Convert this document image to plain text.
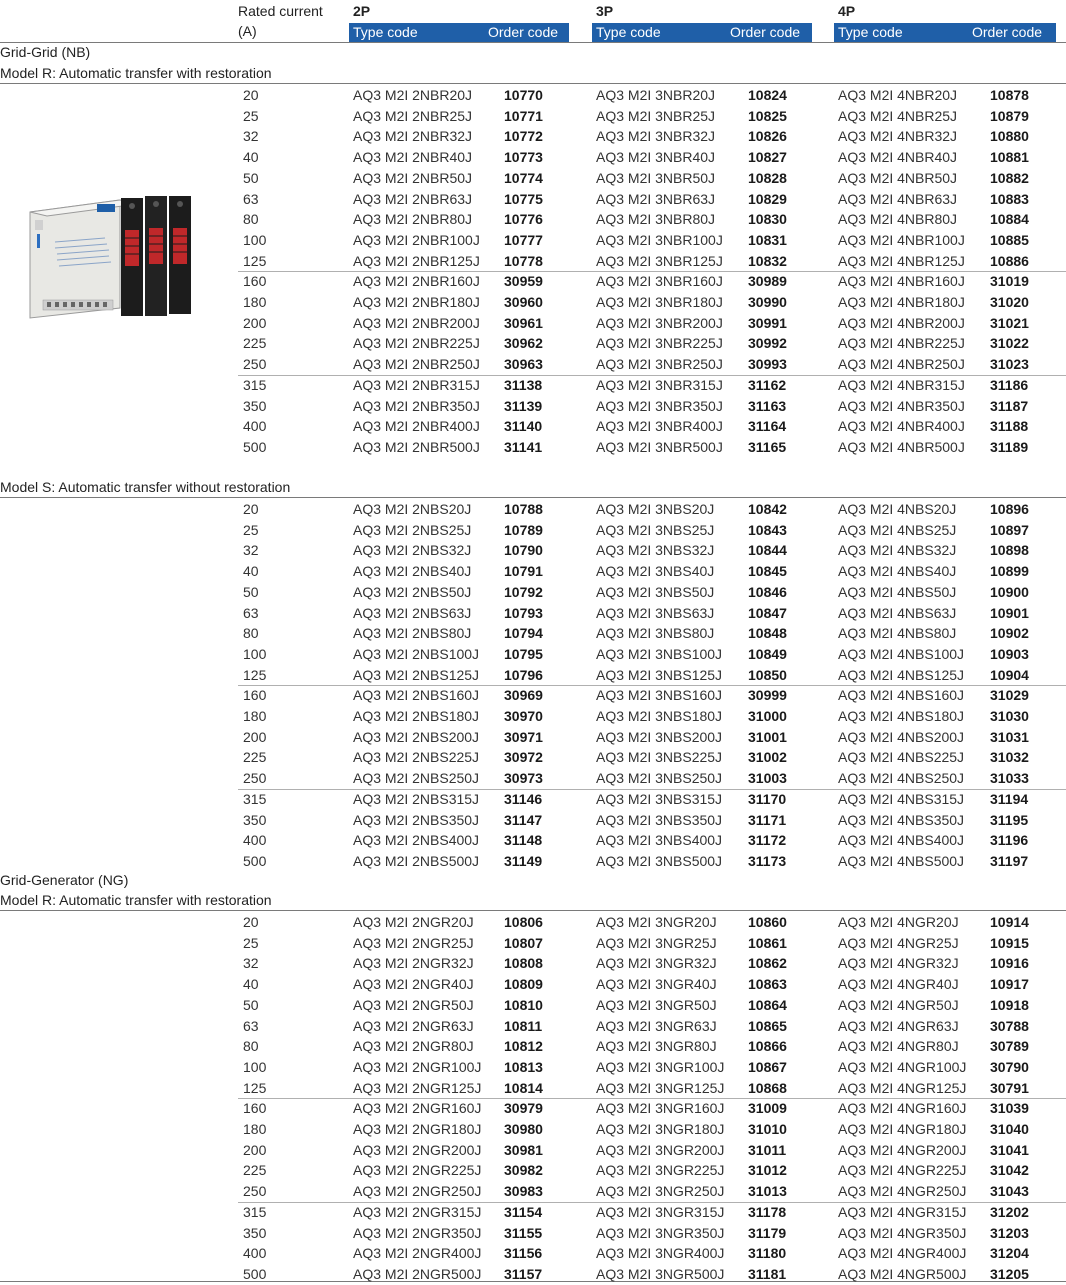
Rated current
(A)
2P	3P	4P
Type code	Order code	Type code	Order code	Type code	Order code
Grid-Grid (NB)
Model R: Automatic transfer with restoration
Model S: Automatic transfer without restoration
Grid-Generator (NG)
Model R: Automatic transfer with restoration
20	AQ3 M2I 2NBR20J 10770	AQ3 M2I 3NBR20J 10824	AQ3 M2I 4NBR20J 10878
25	AQ3 M2I 2NBR25J 10771	AQ3 M2I 3NBR25J 10825	AQ3 M2I 4NBR25J 10879
32	AQ3 M2I 2NBR32J 10772	AQ3 M2I 3NBR32J 10826	AQ3 M2I 4NBR32J 10880
40	AQ3 M2I 2NBR40J 10773	AQ3 M2I 3NBR40J 10827	AQ3 M2I 4NBR40J 10881
50	AQ3 M2I 2NBR50J 10774	AQ3 M2I 3NBR50J 10828	AQ3 M2I 4NBR50J 10882
63	AQ3 M2I 2NBR63J 10775	AQ3 M2I 3NBR63J 10829	AQ3 M2I 4NBR63J 10883
80	AQ3 M2I 2NBR80J 10776	AQ3 M2I 3NBR80J 10830	AQ3 M2I 4NBR80J 10884
100	AQ3 M2I 2NBR100J 10777	AQ3 M2I 3NBR100J 10831	AQ3 M2I 4NBR100J 10885
125	AQ3 M2I 2NBR125J 10778	AQ3 M2I 3NBR125J 10832	AQ3 M2I 4NBR125J 10886
160	AQ3 M2I 2NBR160J 30959	AQ3 M2I 3NBR160J 30989	AQ3 M2I 4NBR160J 31019
180	AQ3 M2I 2NBR180J 30960	AQ3 M2I 3NBR180J 30990	AQ3 M2I 4NBR180J 31020
200	AQ3 M2I 2NBR200J 30961	AQ3 M2I 3NBR200J 30991	AQ3 M2I 4NBR200J 31021
225	AQ3 M2I 2NBR225J 30962	AQ3 M2I 3NBR225J 30992	AQ3 M2I 4NBR225J 31022
250	AQ3 M2I 2NBR250J 30963	AQ3 M2I 3NBR250J 30993	AQ3 M2I 4NBR250J 31023
315	AQ3 M2I 2NBR315J 31138	AQ3 M2I 3NBR315J 31162	AQ3 M2I 4NBR315J 31186
350	AQ3 M2I 2NBR350J 31139	AQ3 M2I 3NBR350J 31163	AQ3 M2I 4NBR350J 31187
400	AQ3 M2I 2NBR400J 31140	AQ3 M2I 3NBR400J 31164	AQ3 M2I 4NBR400J 31188
500	AQ3 M2I 2NBR500J 31141	AQ3 M2I 3NBR500J 31165	AQ3 M2I 4NBR500J 31189
20	AQ3 M2I 2NBS20J 10788	AQ3 M2I 3NBS20J 10842	AQ3 M2I 4NBS20J 10896
25	AQ3 M2I 2NBS25J 10789	AQ3 M2I 3NBS25J 10843	AQ3 M2I 4NBS25J 10897
32	AQ3 M2I 2NBS32J 10790	AQ3 M2I 3NBS32J 10844	AQ3 M2I 4NBS32J 10898
40	AQ3 M2I 2NBS40J 10791	AQ3 M2I 3NBS40J 10845	AQ3 M2I 4NBS40J 10899
50	AQ3 M2I 2NBS50J 10792	AQ3 M2I 3NBS50J 10846	AQ3 M2I 4NBS50J 10900
63	AQ3 M2I 2NBS63J 10793	AQ3 M2I 3NBS63J 10847	AQ3 M2I 4NBS63J 10901
80	AQ3 M2I 2NBS80J 10794	AQ3 M2I 3NBS80J 10848	AQ3 M2I 4NBS80J 10902
100	AQ3 M2I 2NBS100J 10795	AQ3 M2I 3NBS100J 10849	AQ3 M2I 4NBS100J 10903
125	AQ3 M2I 2NBS125J 10796	AQ3 M2I 3NBS125J 10850	AQ3 M2I 4NBS125J 10904
160	AQ3 M2I 2NBS160J 30969	AQ3 M2I 3NBS160J 30999	AQ3 M2I 4NBS160J 31029
180	AQ3 M2I 2NBS180J 30970	AQ3 M2I 3NBS180J 31000	AQ3 M2I 4NBS180J 31030
200	AQ3 M2I 2NBS200J 30971	AQ3 M2I 3NBS200J 31001	AQ3 M2I 4NBS200J 31031
225	AQ3 M2I 2NBS225J 30972	AQ3 M2I 3NBS225J 31002	AQ3 M2I 4NBS225J 31032
250	AQ3 M2I 2NBS250J 30973	AQ3 M2I 3NBS250J 31003	AQ3 M2I 4NBS250J 31033
315	AQ3 M2I 2NBS315J 31146	AQ3 M2I 3NBS315J 31170	AQ3 M2I 4NBS315J 31194
350	AQ3 M2I 2NBS350J 31147	AQ3 M2I 3NBS350J 31171	AQ3 M2I 4NBS350J 31195
400	AQ3 M2I 2NBS400J 31148	AQ3 M2I 3NBS400J 31172	AQ3 M2I 4NBS400J 31196
500	AQ3 M2I 2NBS500J 31149	AQ3 M2I 3NBS500J 31173	AQ3 M2I 4NBS500J 31197
20	AQ3 M2I 2NGR20J 10806	AQ3 M2I 3NGR20J 10860	AQ3 M2I 4NGR20J 10914
25	AQ3 M2I 2NGR25J 10807	AQ3 M2I 3NGR25J 10861	AQ3 M2I 4NGR25J 10915
32	AQ3 M2I 2NGR32J 10808	AQ3 M2I 3NGR32J 10862	AQ3 M2I 4NGR32J 10916
40	AQ3 M2I 2NGR40J 10809	AQ3 M2I 3NGR40J 10863	AQ3 M2I 4NGR40J 10917
50	AQ3 M2I 2NGR50J 10810	AQ3 M2I 3NGR50J 10864	AQ3 M2I 4NGR50J 10918
63	AQ3 M2I 2NGR63J 10811	AQ3 M2I 3NGR63J 10865	AQ3 M2I 4NGR63J 30788
80	AQ3 M2I 2NGR80J 10812	AQ3 M2I 3NGR80J 10866	AQ3 M2I 4NGR80J 30789
100	AQ3 M2I 2NGR100J 10813	AQ3 M2I 3NGR100J 10867	AQ3 M2I 4NGR100J 30790
125	AQ3 M2I 2NGR125J 10814	AQ3 M2I 3NGR125J 10868	AQ3 M2I 4NGR125J 30791
160	AQ3 M2I 2NGR160J 30979	AQ3 M2I 3NGR160J 31009	AQ3 M2I 4NGR160J 31039
180	AQ3 M2I 2NGR180J 30980	AQ3 M2I 3NGR180J 31010	AQ3 M2I 4NGR180J 31040
200	AQ3 M2I 2NGR200J 30981	AQ3 M2I 3NGR200J 31011	AQ3 M2I 4NGR200J 31041
225	AQ3 M2I 2NGR225J 30982	AQ3 M2I 3NGR225J 31012	AQ3 M2I 4NGR225J 31042
250	AQ3 M2I 2NGR250J 30983	AQ3 M2I 3NGR250J 31013	AQ3 M2I 4NGR250J 31043
315	AQ3 M2I 2NGR315J 31154	AQ3 M2I 3NGR315J 31178	AQ3 M2I 4NGR315J 31202
350	AQ3 M2I 2NGR350J 31155	AQ3 M2I 3NGR350J 31179	AQ3 M2I 4NGR350J 31203
400	AQ3 M2I 2NGR400J 31156	AQ3 M2I 3NGR400J 31180	AQ3 M2I 4NGR400J 31204
500	AQ3 M2I 2NGR500J 31157	AQ3 M2I 3NGR500J 31181	AQ3 M2I 4NGR500J 31205
